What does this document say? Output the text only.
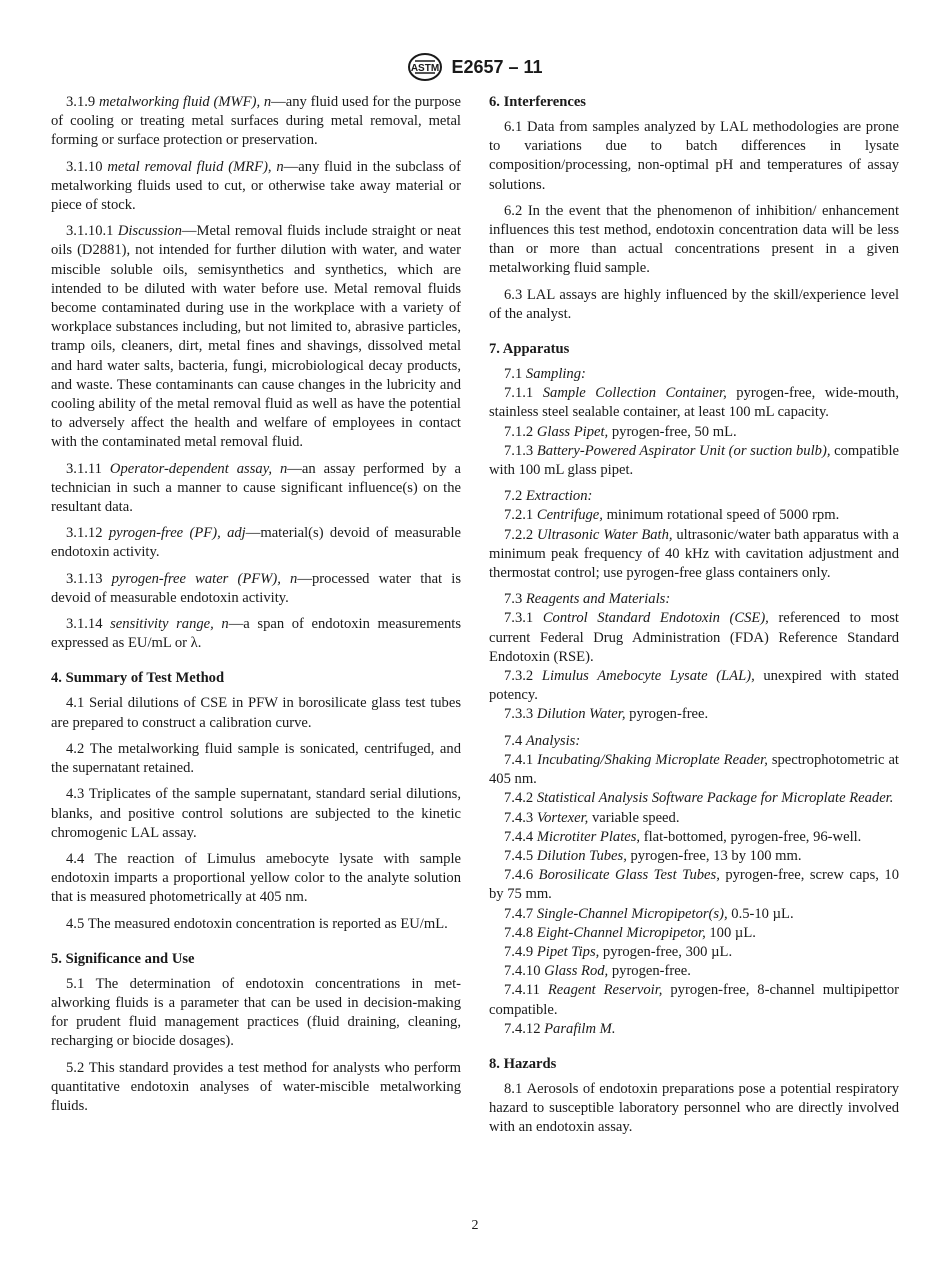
ASTM E2657 – 11

3.1.9 metalworking fluid (MWF), n—any fluid used for the purpose of cooling or treating metal surfaces during metal removal, metal forming or surface protection or preservation.

3.1.10 metal removal fluid (MRF), n—any fluid in the subclass of metalworking fluids used to cut, or otherwise take away material or piece of stock.

3.1.10.1 Discussion—Metal removal fluids include straight or neat oils (D2881), not intended for further dilution with water, and water miscible soluble oils, semisynthetics and synthetics, which are intended to be diluted with water before use. Metal removal fluids become contaminated during use in the workplace with a variety of workplace substances including, but not limited to, abrasive particles, tramp oils, cleaners, dirt, metal fines and shavings, dissolved metal and hard water salts, bacteria, fungi, microbiological decay products, and waste. These contaminants can cause changes in the lubricity and cooling ability of the metal removal fluid as well as have the potential to adversely affect the health and welfare of employees in contact with the contaminated metal removal fluid.

3.1.11 Operator-dependent assay, n—an assay performed by a technician in such a manner to cause significant influence(s) on the resultant data.

3.1.12 pyrogen-free (PF), adj—material(s) devoid of measurable endotoxin activity.

3.1.13 pyrogen-free water (PFW), n—processed water that is devoid of measurable endotoxin activity.

3.1.14 sensitivity range, n—a span of endotoxin measurements expressed as EU/mL or λ.

4. Summary of Test Method

4.1 Serial dilutions of CSE in PFW in borosilicate glass test tubes are prepared to construct a calibration curve.

4.2 The metalworking fluid sample is sonicated, centrifuged, and the supernatant retained.

4.3 Triplicates of the sample supernatant, standard serial dilutions, blanks, and positive control solutions are subjected to the kinetic chromogenic LAL assay.

4.4 The reaction of Limulus amebocyte lysate with sample endotoxin imparts a proportional yellow color to the analyte solution that is measured photometrically at 405 nm.

4.5 The measured endotoxin concentration is reported as EU/mL.

5. Significance and Use

5.1 The determination of endotoxin concentrations in metalworking fluids is a parameter that can be used in decision-making for prudent fluid management practices (fluid draining, cleaning, recharging or biocide dosages).

5.2 This standard provides a test method for analysts who perform quantitative endotoxin analyses of water-miscible metalworking fluids.

6. Interferences

6.1 Data from samples analyzed by LAL methodologies are prone to variations due to batch differences in lysate composition/processing, non-optimal pH and temperatures of assay solutions.

6.2 In the event that the phenomenon of inhibition/ enhancement influences this test method, endotoxin concentration data will be less than or more than actual concentrations present in a given metalworking fluid sample.

6.3 LAL assays are highly influenced by the skill/experience level of the analyst.

7. Apparatus

7.1 Sampling:

7.1.1 Sample Collection Container, pyrogen-free, wide-mouth, stainless steel sealable container, at least 100 mL capacity.

7.1.2 Glass Pipet, pyrogen-free, 50 mL.

7.1.3 Battery-Powered Aspirator Unit (or suction bulb), compatible with 100 mL glass pipet.

7.2 Extraction:

7.2.1 Centrifuge, minimum rotational speed of 5000 rpm.

7.2.2 Ultrasonic Water Bath, ultrasonic/water bath apparatus with a minimum peak frequency of 40 kHz with cavitation adjustment and thermostat control; use pyrogen-free glass containers only.

7.3 Reagents and Materials:

7.3.1 Control Standard Endotoxin (CSE), referenced to most current Federal Drug Administration (FDA) Reference Standard Endotoxin (RSE).

7.3.2 Limulus Amebocyte Lysate (LAL), unexpired with stated potency.

7.3.3 Dilution Water, pyrogen-free.

7.4 Analysis:

7.4.1 Incubating/Shaking Microplate Reader, spectrophotometric at 405 nm.

7.4.2 Statistical Analysis Software Package for Microplate Reader.

7.4.3 Vortexer, variable speed.

7.4.4 Microtiter Plates, flat-bottomed, pyrogen-free, 96-well.

7.4.5 Dilution Tubes, pyrogen-free, 13 by 100 mm.

7.4.6 Borosilicate Glass Test Tubes, pyrogen-free, screw caps, 10 by 75 mm.

7.4.7 Single-Channel Micropipetor(s), 0.5-10 µL.

7.4.8 Eight-Channel Micropipetor, 100 µL.

7.4.9 Pipet Tips, pyrogen-free, 300 µL.

7.4.10 Glass Rod, pyrogen-free.

7.4.11 Reagent Reservoir, pyrogen-free, 8-channel multipipettor compatible.

7.4.12 Parafilm M.

8. Hazards

8.1 Aerosols of endotoxin preparations pose a potential respiratory hazard to susceptible laboratory personnel who are directly involved with an endotoxin assay.

2
